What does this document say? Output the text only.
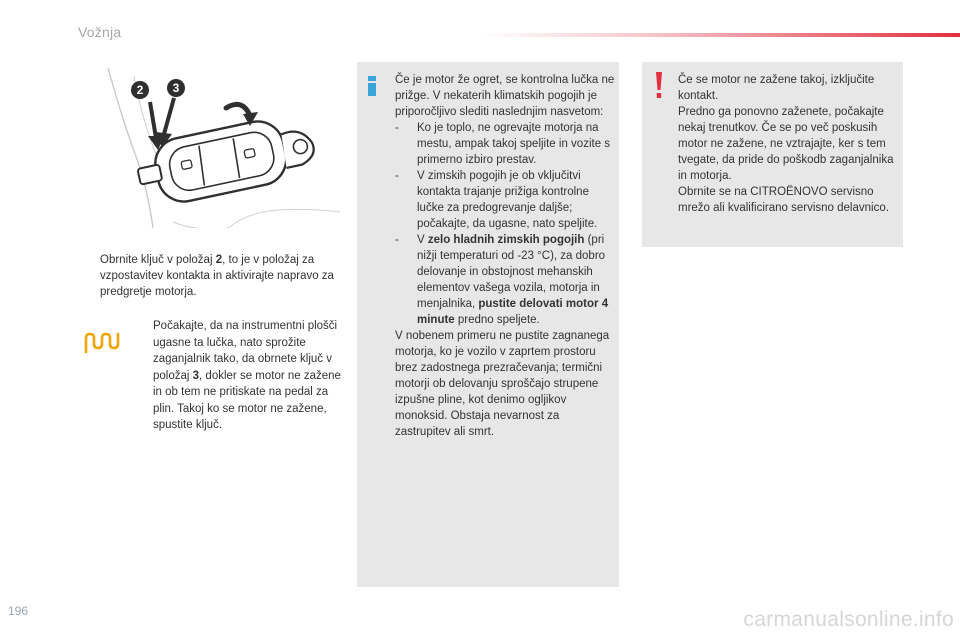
Vožnja
2 3
Obrnite ključ v položaj 2, to je v položaj za vzpostavitev kontakta in aktivirajte napravo za predgretje motorja.
Počakajte, da na instrumentni plošči ugasne ta lučka, nato sprožite zaganjalnik tako, da obrnete ključ v položaj 3, dokler se motor ne zažene in ob tem ne pritiskate na pedal za plin. Takoj ko se motor ne zažene, spustite ključ.

Če je motor že ogret, se kontrolna lučka ne prižge. V nekaterih klimatskih pogojih je priporočljivo slediti naslednjim nasvetom:

- Ko je toplo, ne ogrevajte motorja na mestu, ampak takoj speljite in vozite s primerno izbiro prestav.

- V zimskih pogojih je ob vključitvi kontakta trajanje prižiga kontrolne lučke za predogrevanje daljše; počakajte, da ugasne, nato speljite.

- V zelo hladnih zimskih pogojih (pri nižji temperaturi od -23 °C), za dobro delovanje in obstojnost mehanskih elementov vašega vozila, motorja in menjalnika, pustite delovati motor 4 minute predno speljete.

V nobenem primeru ne pustite zagnanega motorja, ko je vozilo v zaprtem prostoru brez zadostnega prezračevanja; termični motorji ob delovanju sproščajo strupene izpušne pline, kot denimo ogljikov monoksid. Obstaja nevarnost za zastrupitev ali smrt.

Če se motor ne zažene takoj, izključite kontakt.

Predno ga ponovno zaženete, počakajte nekaj trenutkov. Če se po več poskusih motor ne zažene, ne vztrajajte, ker s tem tvegate, da pride do poškodb zaganjalnika in motorja.

Obrnite se na CITROËNOVO servisno mrežo ali kvalificirano servisno delavnico.

196	carmanualsonline.info
